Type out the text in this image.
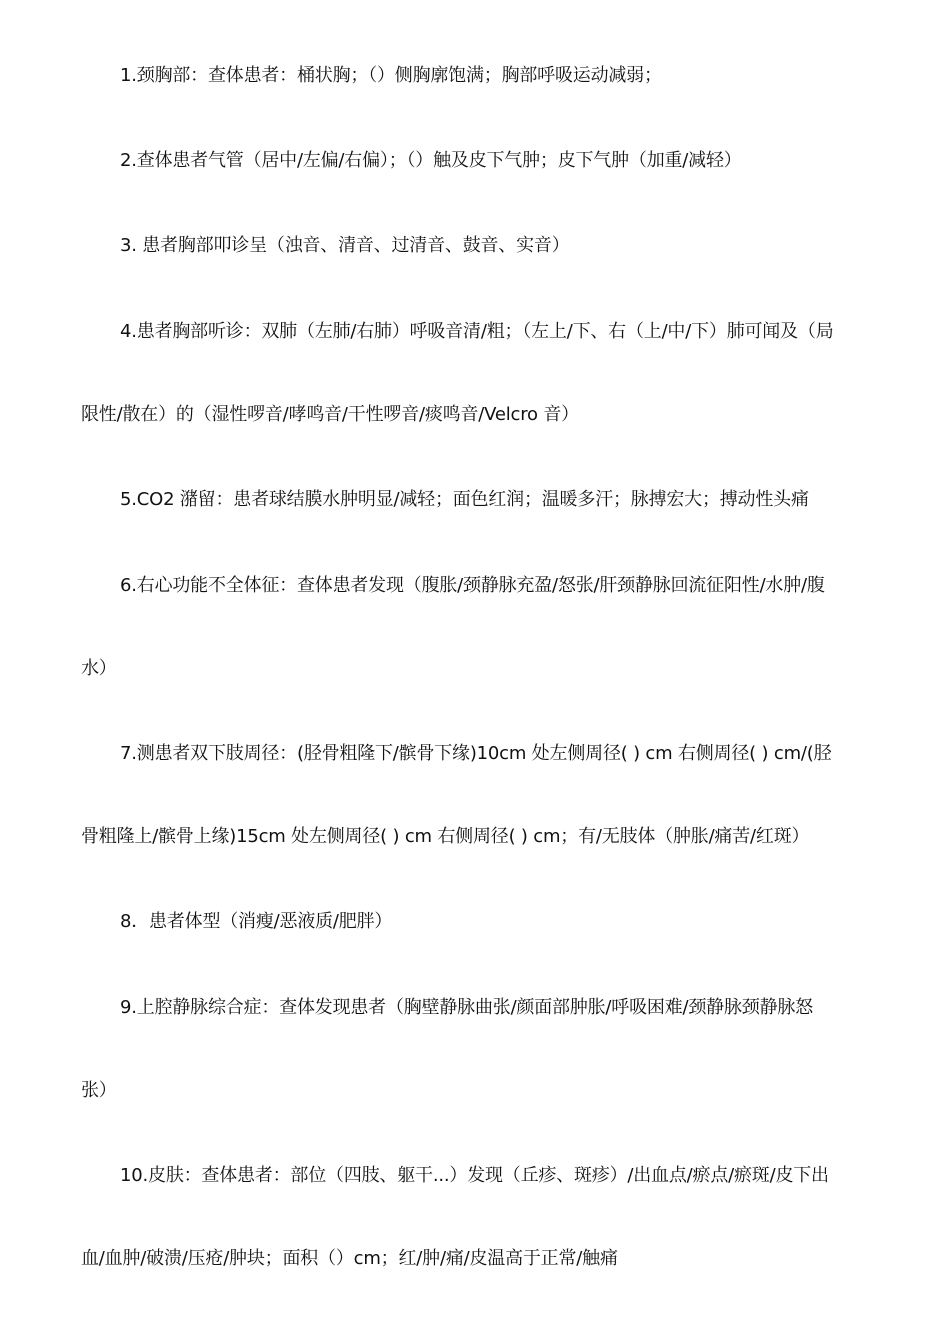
1.颈胸部：查体患者：桶状胸；（）侧胸廓饱满；胸部呼吸运动减弱；
2.查体患者气管（居中/左偏/右偏）；（）触及皮下气肿；皮下气肿（加重/减轻）
3. 患者胸部叩诊呈（浊音、清音、过清音、鼓音、实音）
4.患者胸部听诊：双肺（左肺/右肺）呼吸音清/粗；（左上/下、右（上/中/下）肺可闻及（局
限性/散在）的（湿性啰音/哮鸣音/干性啰音/痰鸣音/Velcro 音）
5.CO2 潴留：患者球结膜水肿明显/减轻；面色红润；温暖多汗；脉搏宏大；搏动性头痛
6.右心功能不全体征：查体患者发现（腹胀/颈静脉充盈/怒张/肝颈静脉回流征阳性/水肿/腹
水）
7.测患者双下肢周径：(胫骨粗隆下/髌骨下缘)10cm 处左侧周径( ) cm 右侧周径( ) cm/(胫
骨粗隆上/髌骨上缘)15cm 处左侧周径( ) cm 右侧周径( ) cm；有/无肢体（肿胀/痛苦/红斑）
8．患者体型（消瘦/恶液质/肥胖）
9.上腔静脉综合症：查体发现患者（胸壁静脉曲张/颜面部肿胀/呼吸困难/颈静脉颈静脉怒
张）
10.皮肤：查体患者：部位（四肢、躯干...）发现（丘疹、斑疹）/出血点/瘀点/瘀斑/皮下出
血/血肿/破溃/压疮/肿块；面积（）cm；红/肿/痛/皮温高于正常/触痛
